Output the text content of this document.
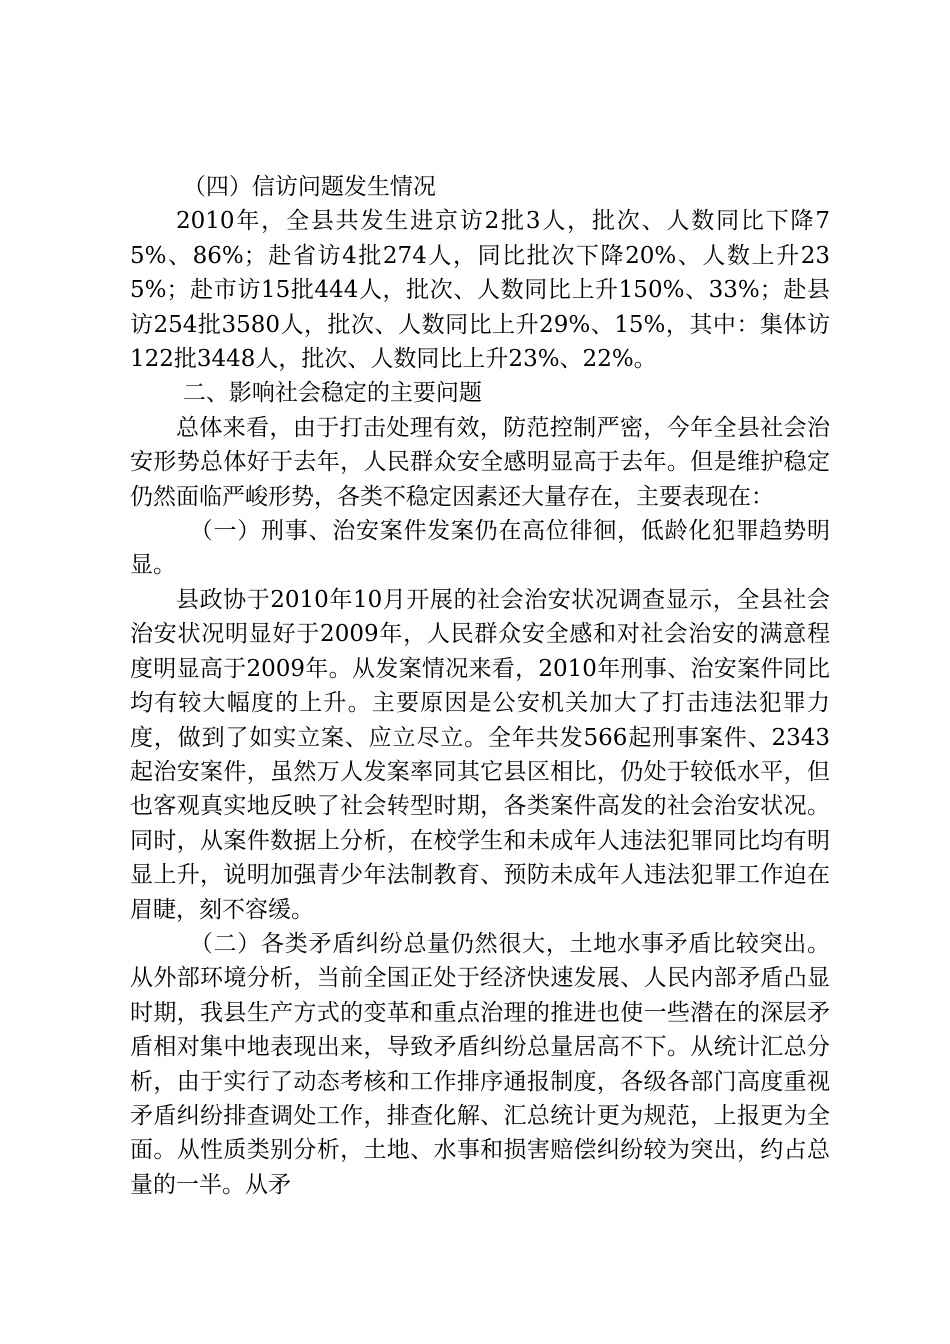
（四）信访问题发生情况

2010年，全县共发生进京访2批3人，批次、人数同比下降75%、86%；赴省访4批274人，同比批次下降20%、人数上升235%；赴市访15批444人，批次、人数同比上升150%、33%；赴县访254批3580人，批次、人数同比上升29%、15%，其中：集体访122批3448人，批次、人数同比上升23%、22%。

二、影响社会稳定的主要问题

总体来看，由于打击处理有效，防范控制严密，今年全县社会治安形势总体好于去年，人民群众安全感明显高于去年。但是维护稳定仍然面临严峻形势，各类不稳定因素还大量存在，主要表现在：

（一）刑事、治安案件发案仍在高位徘徊，低龄化犯罪趋势明显。

县政协于2010年10月开展的社会治安状况调查显示，全县社会治安状况明显好于2009年，人民群众安全感和对社会治安的满意程度明显高于2009年。从发案情况来看，2010年刑事、治安案件同比均有较大幅度的上升。主要原因是公安机关加大了打击违法犯罪力度，做到了如实立案、应立尽立。全年共发566起刑事案件、2343起治安案件，虽然万人发案率同其它县区相比，仍处于较低水平，但也客观真实地反映了社会转型时期，各类案件高发的社会治安状况。同时，从案件数据上分析，在校学生和未成年人违法犯罪同比均有明显上升，说明加强青少年法制教育、预防未成年人违法犯罪工作迫在眉睫，刻不容缓。

（二）各类矛盾纠纷总量仍然很大，土地水事矛盾比较突出。从外部环境分析，当前全国正处于经济快速发展、人民内部矛盾凸显时期，我县生产方式的变革和重点治理的推进也使一些潜在的深层矛盾相对集中地表现出来，导致矛盾纠纷总量居高不下。从统计汇总分析，由于实行了动态考核和工作排序通报制度，各级各部门高度重视矛盾纠纷排查调处工作，排查化解、汇总统计更为规范，上报更为全面。从性质类别分析，土地、水事和损害赔偿纠纷较为突出，约占总量的一半。从矛
